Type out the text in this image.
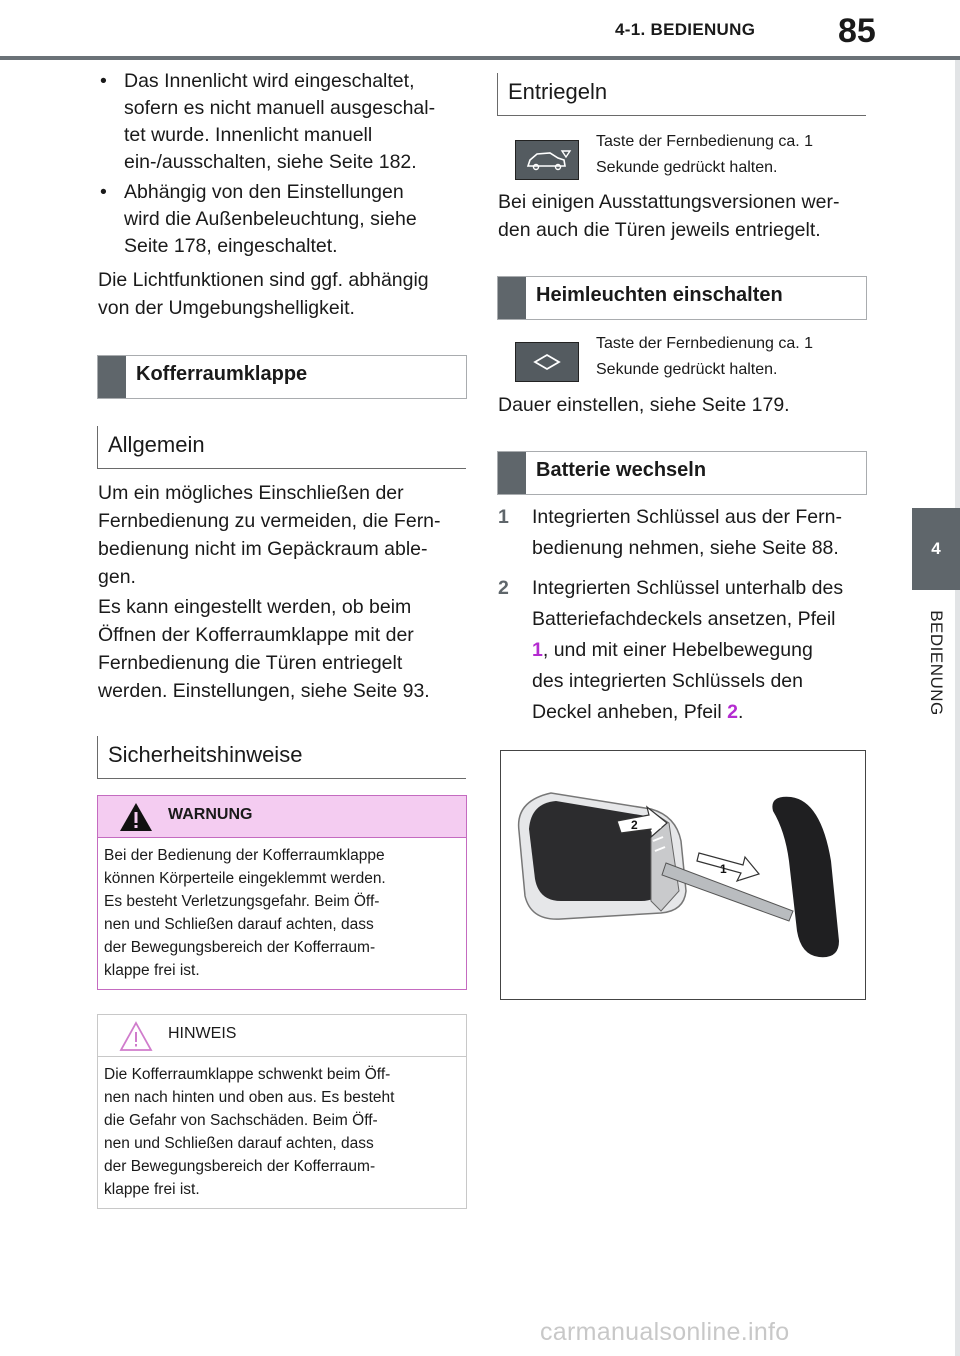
4-1. BEDIENUNG 85
4
BEDIENUNG
• Das Innenlicht wird eingeschaltet,
sofern es nicht manuell ausgeschal-
tet wurde. Innenlicht manuell
ein-/ausschalten, siehe Seite 182.
• Abhängig von den Einstellungen
wird die Außenbeleuchtung, siehe
Seite 178, eingeschaltet.
Die Lichtfunktionen sind ggf. abhängig
von der Umgebungshelligkeit.
Kofferraumklappe
Allgemein
Um ein mögliches Einschließen der
Fernbedienung zu vermeiden, die Fern-
bedienung nicht im Gepäckraum able-
gen.
Es kann eingestellt werden, ob beim
Öffnen der Kofferraumklappe mit der
Fernbedienung die Türen entriegelt
werden. Einstellungen, siehe Seite 93.
Sicherheitshinweise
WARNUNG
Bei der Bedienung der Kofferraumklappe
können Körperteile eingeklemmt werden.
Es besteht Verletzungsgefahr. Beim Öff-
nen und Schließen darauf achten, dass
der Bewegungsbereich der Kofferraum-
klappe frei ist.
HINWEIS
Die Kofferraumklappe schwenkt beim Öff-
nen nach hinten und oben aus. Es besteht
die Gefahr von Sachschäden. Beim Öff-
nen und Schließen darauf achten, dass
der Bewegungsbereich der Kofferraum-
klappe frei ist.
Entriegeln
Taste der Fernbedienung ca. 1
Sekunde gedrückt halten.
Bei einigen Ausstattungsversionen wer-
den auch die Türen jeweils entriegelt.
Heimleuchten einschalten
Taste der Fernbedienung ca. 1
Sekunde gedrückt halten.
Dauer einstellen, siehe Seite 179.
Batterie wechseln
1 Integrierten Schlüssel aus der Fern-
bedienung nehmen, siehe Seite 88.
2 Integrierten Schlüssel unterhalb des
Batteriefachdeckels ansetzen, Pfeil
1, und mit einer Hebelbewegung
des integrierten Schlüssels den
Deckel anheben, Pfeil 2.
1
2
carmanualsonline.info
